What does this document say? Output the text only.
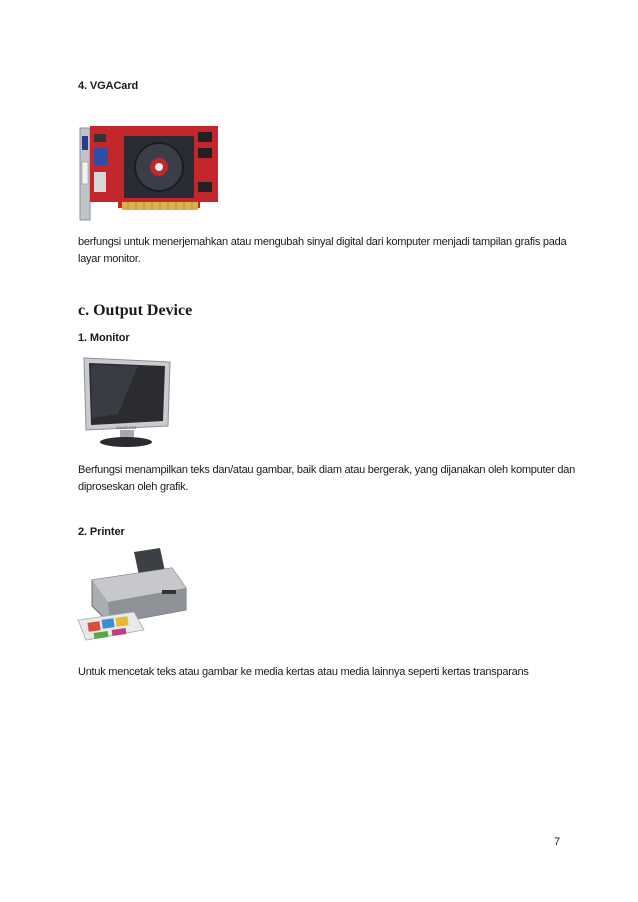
4. VGACard
berfungsi untuk menerjemahkan atau mengubah sinyal digital dari komputer menjadi tampilan grafis pada layar monitor.
c. Output Device
1. Monitor
SAMSUNG
Berfungsi menampilkan teks dan/atau gambar, baik diam atau bergerak, yang dijanakan oleh komputer dan diproseskan oleh grafik.
2. Printer
Untuk mencetak teks atau gambar ke media kertas atau media lainnya seperti kertas transparans
7
